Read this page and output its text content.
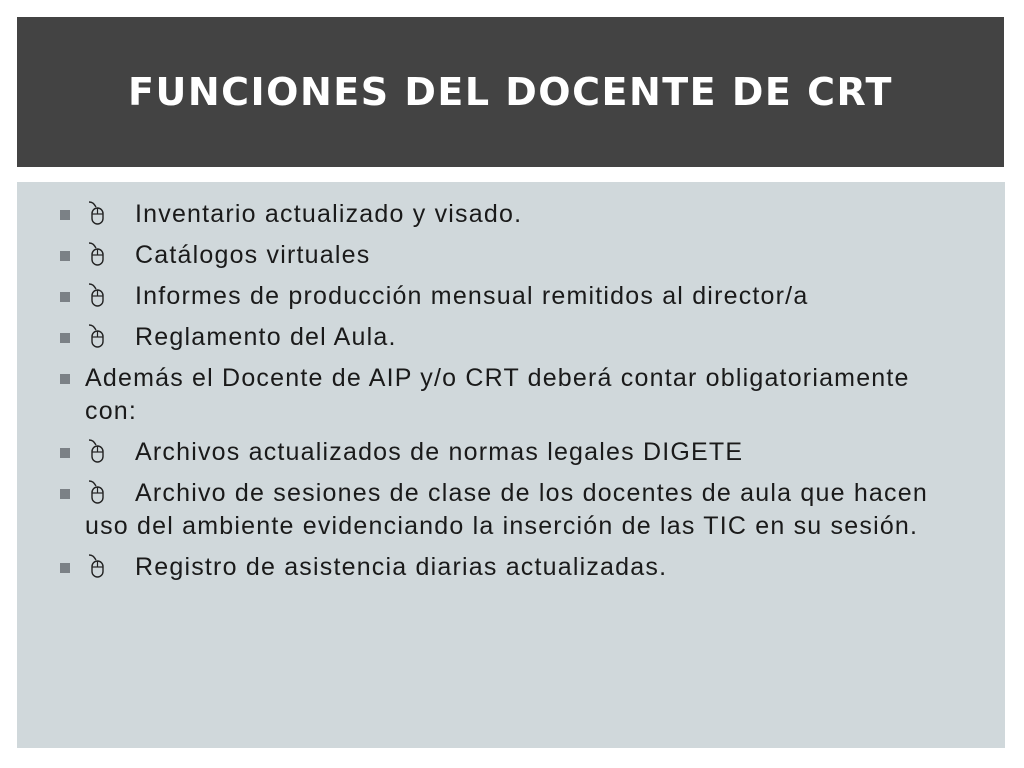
FUNCIONES DEL DOCENTE DE CRT
Inventario actualizado y visado.
Catálogos virtuales
Informes de producción mensual remitidos al director/a
Reglamento del Aula.
Además el Docente de AIP y/o CRT deberá contar obligatoriamente con:
Archivos actualizados de normas legales DIGETE
Archivo de sesiones de clase de los docentes de aula que hacen uso del ambiente evidenciando la inserción de las TIC en su sesión.
Registro de asistencia diarias actualizadas.
